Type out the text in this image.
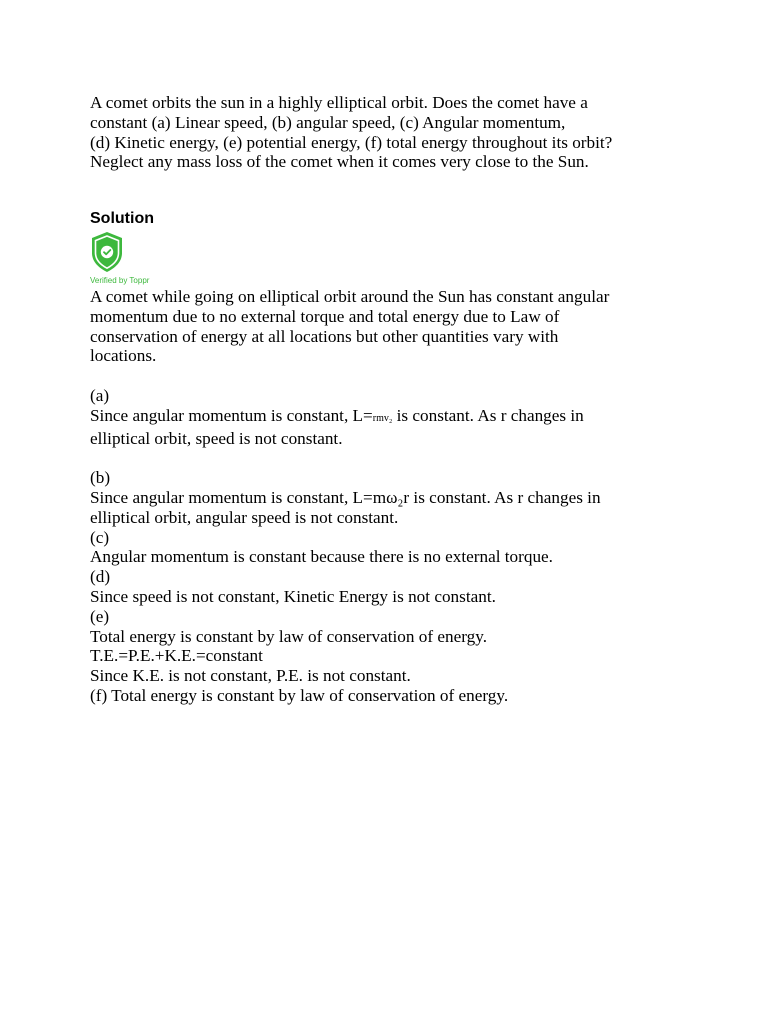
A comet orbits the sun in a highly elliptical orbit. Does the comet have a
constant (a) Linear speed, (b) angular speed, (c) Angular momentum,
(d) Kinetic energy, (e) potential energy, (f) total energy throughout its orbit?
Neglect any mass loss of the comet when it comes very close to the Sun.
Solution
Verified by Toppr
A comet while going on elliptical orbit around the Sun has constant angular
momentum due to no external torque and total energy due to Law of
conservation of energy at all locations but other quantities vary with
locations.
(a)
Since angular momentum is constant, L=rmv₂ is constant. As r changes in
elliptical orbit, speed is not constant.
(b)
Since angular momentum is constant, L=mω₂r is constant. As r changes in
elliptical orbit, angular speed is not constant.
(c)
Angular momentum is constant because there is no external torque.
(d)
Since speed is not constant, Kinetic Energy is not constant.
(e)
Total energy is constant by law of conservation of energy.
T.E.=P.E.+K.E.=constant
Since K.E. is not constant, P.E. is not constant.
(f) Total energy is constant by law of conservation of energy.
